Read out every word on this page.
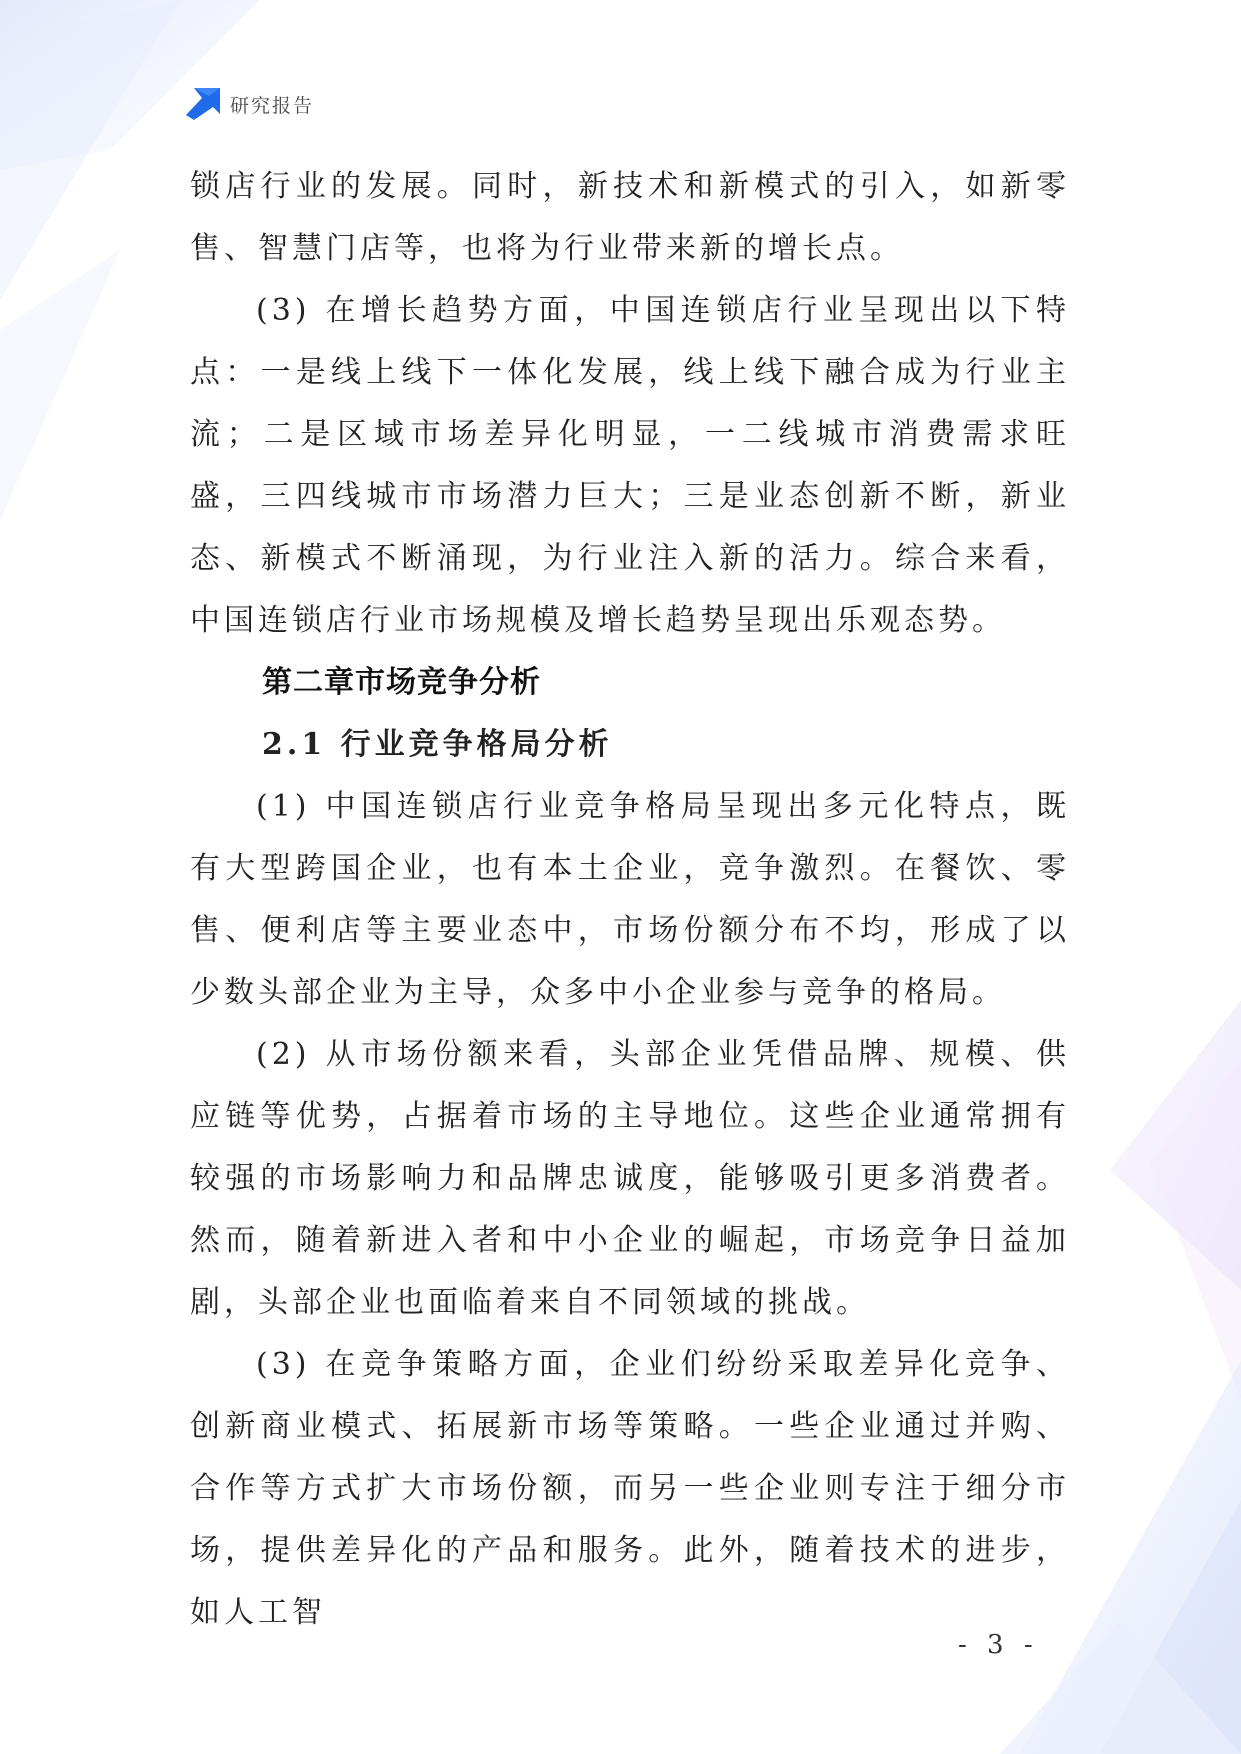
研究报告

锁店行业的发展。同时，新技术和新模式的引入，如新零售、智慧门店等，也将为行业带来新的增长点。

(3) 在增长趋势方面，中国连锁店行业呈现出以下特点：一是线上线下一体化发展，线上线下融合成为行业主流；二是区域市场差异化明显，一二线城市消费需求旺盛，三四线城市市场潜力巨大；三是业态创新不断，新业态、新模式不断涌现，为行业注入新的活力。综合来看，中国连锁店行业市场规模及增长趋势呈现出乐观态势。

第二章市场竞争分析
2.1 行业竞争格局分析

(1) 中国连锁店行业竞争格局呈现出多元化特点，既有大型跨国企业，也有本土企业，竞争激烈。在餐饮、零售、便利店等主要业态中，市场份额分布不均，形成了以少数头部企业为主导，众多中小企业参与竞争的格局。

(2) 从市场份额来看，头部企业凭借品牌、规模、供应链等优势，占据着市场的主导地位。这些企业通常拥有较强的市场影响力和品牌忠诚度，能够吸引更多消费者。然而，随着新进入者和中小企业的崛起，市场竞争日益加剧，头部企业也面临着来自不同领域的挑战。

(3) 在竞争策略方面，企业们纷纷采取差异化竞争、创新商业模式、拓展新市场等策略。一些企业通过并购、合作等方式扩大市场份额，而另一些企业则专注于细分市场，提供差异化的产品和服务。此外，随着技术的进步，如人工智

- 3 -
